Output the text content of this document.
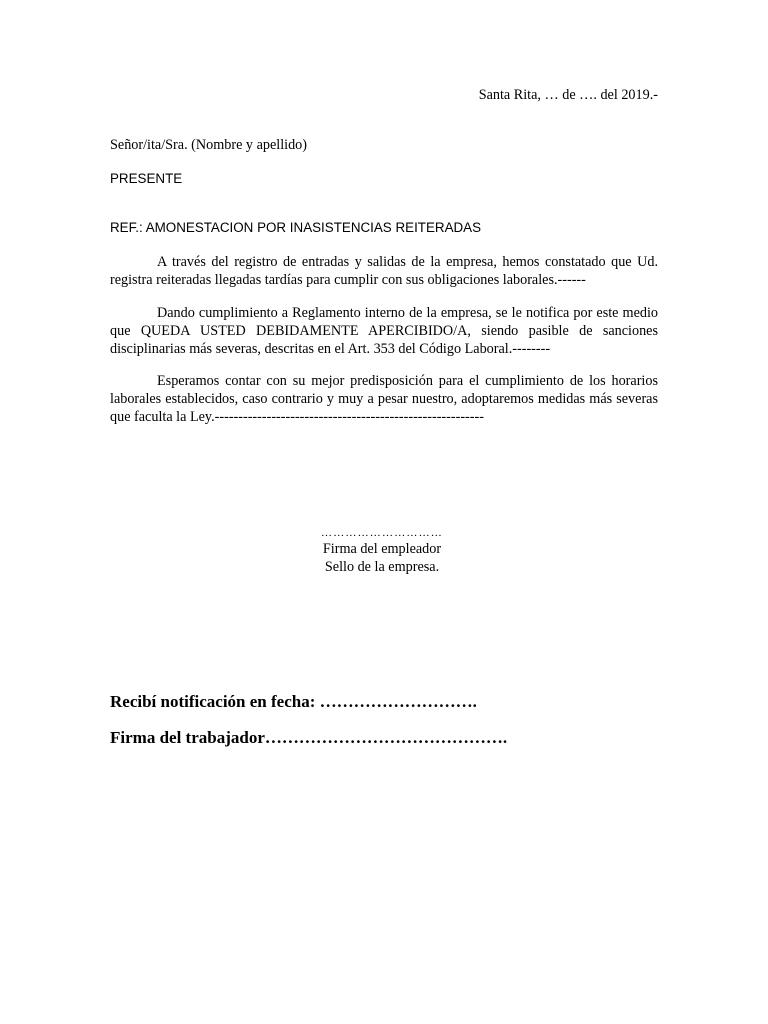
Santa Rita, … de …. del 2019.-
Señor/ita/Sra. (Nombre y apellido)
PRESENTE
REF.: AMONESTACION POR INASISTENCIAS REITERADAS

A través del registro de entradas y salidas de la empresa, hemos constatado que Ud. registra reiteradas llegadas tardías para cumplir con sus obligaciones laborales.------

Dando cumplimiento a Reglamento interno de la empresa, se le notifica por este medio que QUEDA USTED DEBIDAMENTE APERCIBIDO/A, siendo pasible de sanciones disciplinarias más severas, descritas en el Art. 353 del Código Laboral.--------

Esperamos contar con su mejor predisposición para el cumplimiento de los horarios laborales establecidos, caso contrario y muy a pesar nuestro, adoptaremos medidas más severas que faculta la Ley.---------------------------------------------------------

…………………………
Firma del empleador
Sello de la empresa.
Recibí notificación en fecha: ……………………….
Firma del trabajador…………………………………….
